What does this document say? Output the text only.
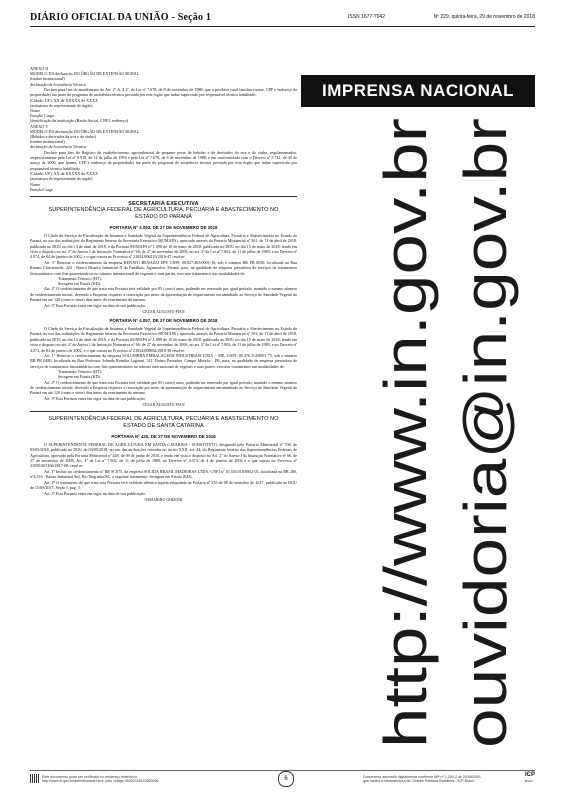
DIÁRIO OFICIAL DA UNIÃO - Seção 1	ISSN 1677-7042	Nº 229, quinta-feira, 29 de novembro de 2018

ANEXO II
MODELO DA declaração DO ÓRGÃO DE EXTENSÃO RURAL
(timbre institucional)
declaração de Assistência Técnica

Declaro para fins de atendimento do Art. 2º-A, § 2º, da Lei nº 7.678, de 8 de novembro de 1988, que o produtor rural familiar (nome, CPF e endereço da propriedade) faz parte do programa de assistência técnica prestada por este órgão que induz supervisão por responsável técnico habilitado.

(Cidade, UF), XX de XXXXX de XXXX
(assinatura do representante do órgão)
Nome
Função/ Cargo
Identificação da instituição (Razão Social, CNPJ, endereço)
ANEXO V
MODELO DA declaração DO ÓRGÃO DE EXTENSÃO RURAL
(Bebidas e derivados da uva e do vinho)
(timbre institucional)
declaração de Assistência Técnica

Declaro para fins do Registro de estabelecimento agroindustrial de pequeno porte de bebidas e de derivados da uva e do vinho, regulamentados, respectivamente pela Lei nº 8.918, de 14 de julho de 1994 e pela Lei nº 7.678, de 8 de novembro de 1988, e em conformidade com o Decreto nº 5.741, de 30 de março de 2006, que (nome, CPF e endereço da propriedade) faz parte do programa de assistência técnica prestada por este órgão que induz supervisão por responsável técnico habilitado.

(Cidade, UF), XX de XXXXX de XXXX
(assinatura do representante do órgão)
Nome
Função/Cargo

SECRETARIA EXECUTIVA
SUPERINTENDÊNCIA FEDERAL DE AGRICULTURA, PECUÁRIA E ABASTECIMENTO NO ESTADO DO PARANÁ
PORTARIA Nº 4.052, DE 27 DE NOVEMBRO DE 2018

O Chefe do Serviço de Fiscalização de Insumos e Sanidade Vegetal da Superintendência Federal de Agricultura, Pecuária e Abastecimento no Estado do Paraná, no uso das atribuições do Regimento Interno da Secretaria Executiva (SE/MAPA), aprovado através da Portaria Ministerial nº 561, de 11 de abril de 2018, publicada no DOU no dia 13 de abril de 2018, e da Portaria SE/MAPA nº 1.098 de 10 de maio de 2018, publicada no DOU no dia 15 de maio de 2018, tendo em vista o disposto no art. 2º do Anexo I da Instrução Normativa nº 66, de 27 de novembro de 2006, no art. 3º da Lei nº 7.802, de 11 de julho de 1989, e no Decreto nº 4.074, de 04 de janeiro de 2002, e o que consta no Processo nº 21034.006219/2016-47 resolve:

Art. 1º Renovar o credenciamento da empresa RENATO BENAZZI EPP, CNPJ: 00.827.463/0001-16, sob o número BR PR 0050, localizada na Rua Renato Christianetti, 424 - Bairro Distrito Industrial II do Fanálhas, Jaguariaíva, Paraná, para, na qualidade de empresa prestadora de serviços de tratamentos fitossanitários com fins quarentenários no trânsito internacional de vegetais e suas partes, executar tratamentos nas modalidades de:

Tratamento Térmico (HT);
Secagem em Estufa (KD).

Art. 2º O credenciamento de que trata esta Portaria terá validade por 05 (cinco) anos, podendo ser renovado por igual período, mantido o mesmo número de credenciamento inicial, devendo a Empresa requerer a renovação por meio da apresentação de requerimento encaminhado ao Serviço de Sanidade Vegetal do Paraná em até 120 (cento e vinte) dias antes do vencimento do mesmo.

Art. 3º Esta Portaria entra em vigor na data de sua publicação.

CEZAR AUGUSTO PIAN
PORTARIA Nº 4.057, DE 27 DE NOVEMBRO DE 2018

O Chefe do Serviço de Fiscalização de Insumos e Sanidade Vegetal da Superintendência Federal de Agricultura, Pecuária e Abastecimento no Estado do Paraná, no uso das atribuições do Regimento Interno da Secretaria Executiva (SE/MAPA), aprovado através da Portaria Ministerial nº 561, de 11 de abril de 2018, publicada no DOU no dia 13 de abril de 2018, e da Portaria SE/MAPA nº 1.098 de 10 de maio de 2018, publicada no DOU no dia 15 de maio de 2018, tendo em vista o disposto no art. 2º do Anexo I da Instrução Normativa nº 66, de 27 de novembro de 2006, no art. 3º da Lei nº 7.802, de 11 de julho de 1989, e no Decreto nº 4.074, de 04 de janeiro de 2002, e o que consta no Processo nº 21034.008864/2018-38 resolve:

Art. 1º Renovar o credenciamento da empresa SOLUMBRA EMBALAGENS INDUSTRIAIS LTDA. - ME, CNPJ: 00.476.114/0001-75, sob o número BR PR 0480, localizada na Rua Professor Jolanda Romiko Lagunni, 311, Bairro Passaúna, Campo Mourão - PR, para, na qualidade de empresa prestadora de serviços de tratamentos fitossanitários com fins quarentenários no trânsito internacional de vegetais e suas partes, executar tratamentos nas modalidades de:

Tratamento Térmico (HT);
Secagem em Estufa (KD).

Art. 2º O credenciamento de que trata esta Portaria terá validade por 05 (cinco) anos, podendo ser renovado por igual período, mantido o mesmo número de credenciamento inicial, devendo a Empresa requerer a renovação por meio da apresentação de requerimento encaminhado ao Serviço de Sanidade Vegetal do Paraná em até 120 (cento e vinte) dias antes do vencimento do mesmo.

Art. 3º Esta Portaria entra em vigor na data de sua publicação.

CEZAR AUGUSTO PIAN
SUPERINTENDÊNCIA FEDERAL DE AGRICULTURA, PECUÁRIA E ABASTECIMENTO NO ESTADO DE SANTA CATARINA
PORTARIA Nº 420, DE 27 DE NOVEMBRO DE 2018

O SUPERINTENDENTE FEDERAL DE AGRICULTURA EM SANTA CATARINA - SUBSTITUTO, designado pela Portaria Ministerial nº 706, de 03/05/2018, publicada no DOU de 03/05/2018, no uso das atribuições contidas no inciso XXII, art. 44, do Regimento Interno das Superintendências Federais de Agricultura, aprovado pela Portaria Ministerial nº 428, de 09 de junho de 2010, e tendo em vista o disposto no Art. 2º do Anexo I da Instrução Normativa nº 66, de 27 de novembro de 2006, Art. 4º da Lei nº 7.802, de 11 de julho de 1989, no Decreto nº 4.074, de 4 de janeiro de 2002 e o que consta no Processo nº 21050.007466/2017-68, resolve:

Art. 1º Incluir no credenciamento nº BR SC075, da empresa SOLIDA BRASIL MADEIRAS LTDA, CNPJ nº 10.350.018/0002-05, localizada na BR 280, nº4.316 - Bairro Industrial Sul, Rio Negrinho/SC, a seguinte tratamento: Secagem em Estufa (KD).

Art. 2º O tratamento de que trata esta Portaria terá validade idêntica àquela estipulada na Portaria nº 235 de 08 de setembro de 2017, publicada no DOU de 15/09/2017, Seção I, pag. 3.

Art. 3º Esta Portaria entra em vigor na data de sua publicação.

OSMARINO GHIZONI
IMPRENSA NACIONAL
http://www.in.gov.br ouvidoria@in.gov.br
Este documento pode ser verificado no endereço eletrônico
http://www.in.gov.br/autenticidade.html, pelo código 05302018112900006	6	Documento assinado digitalmente conforme MP nº 2.200-2 de 24/08/2001,
que institui a Infraestrutura de Chaves Públicas Brasileira - ICP-Brasil.
ICP
Brasil
